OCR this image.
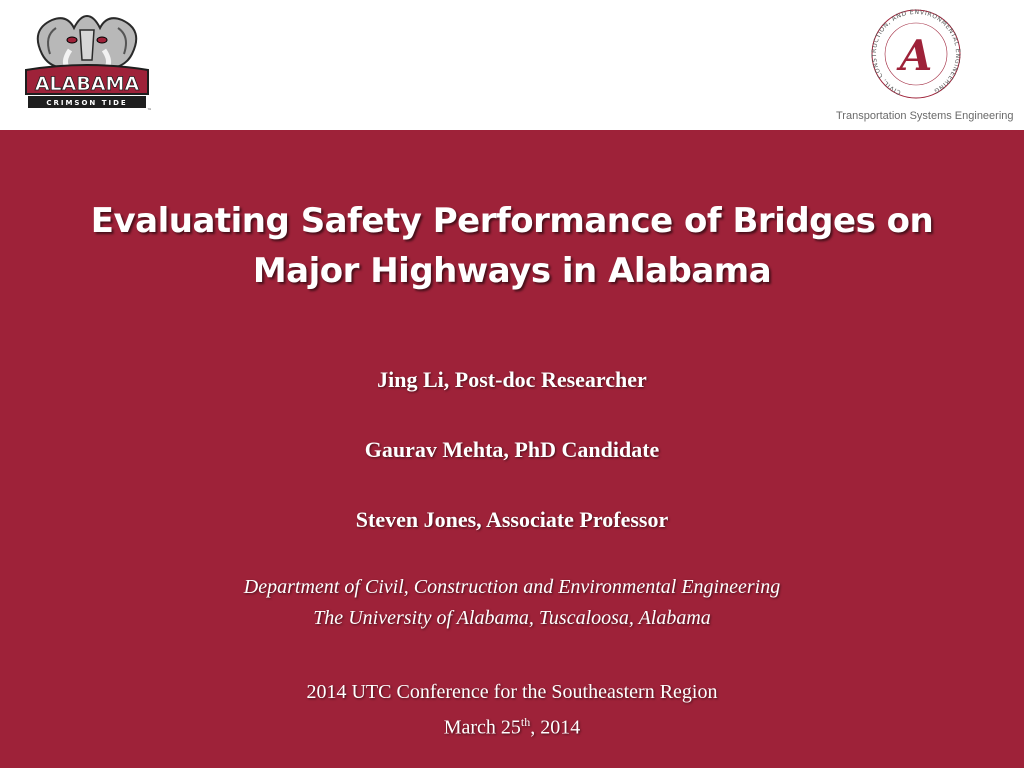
ALABAMA
CRIMSON TIDE
™
CIVIL, CONSTRUCTION, AND ENVIRONMENTAL ENGINEERING
A
Transportation Systems Engineering
Evaluating Safety Performance of Bridges on
Major Highways in Alabama
Jing Li, Post-doc Researcher
Gaurav Mehta, PhD Candidate
Steven Jones, Associate Professor
Department of Civil, Construction and Environmental Engineering
The University of Alabama, Tuscaloosa, Alabama
2014 UTC Conference for the Southeastern Region
March 25th, 2014
